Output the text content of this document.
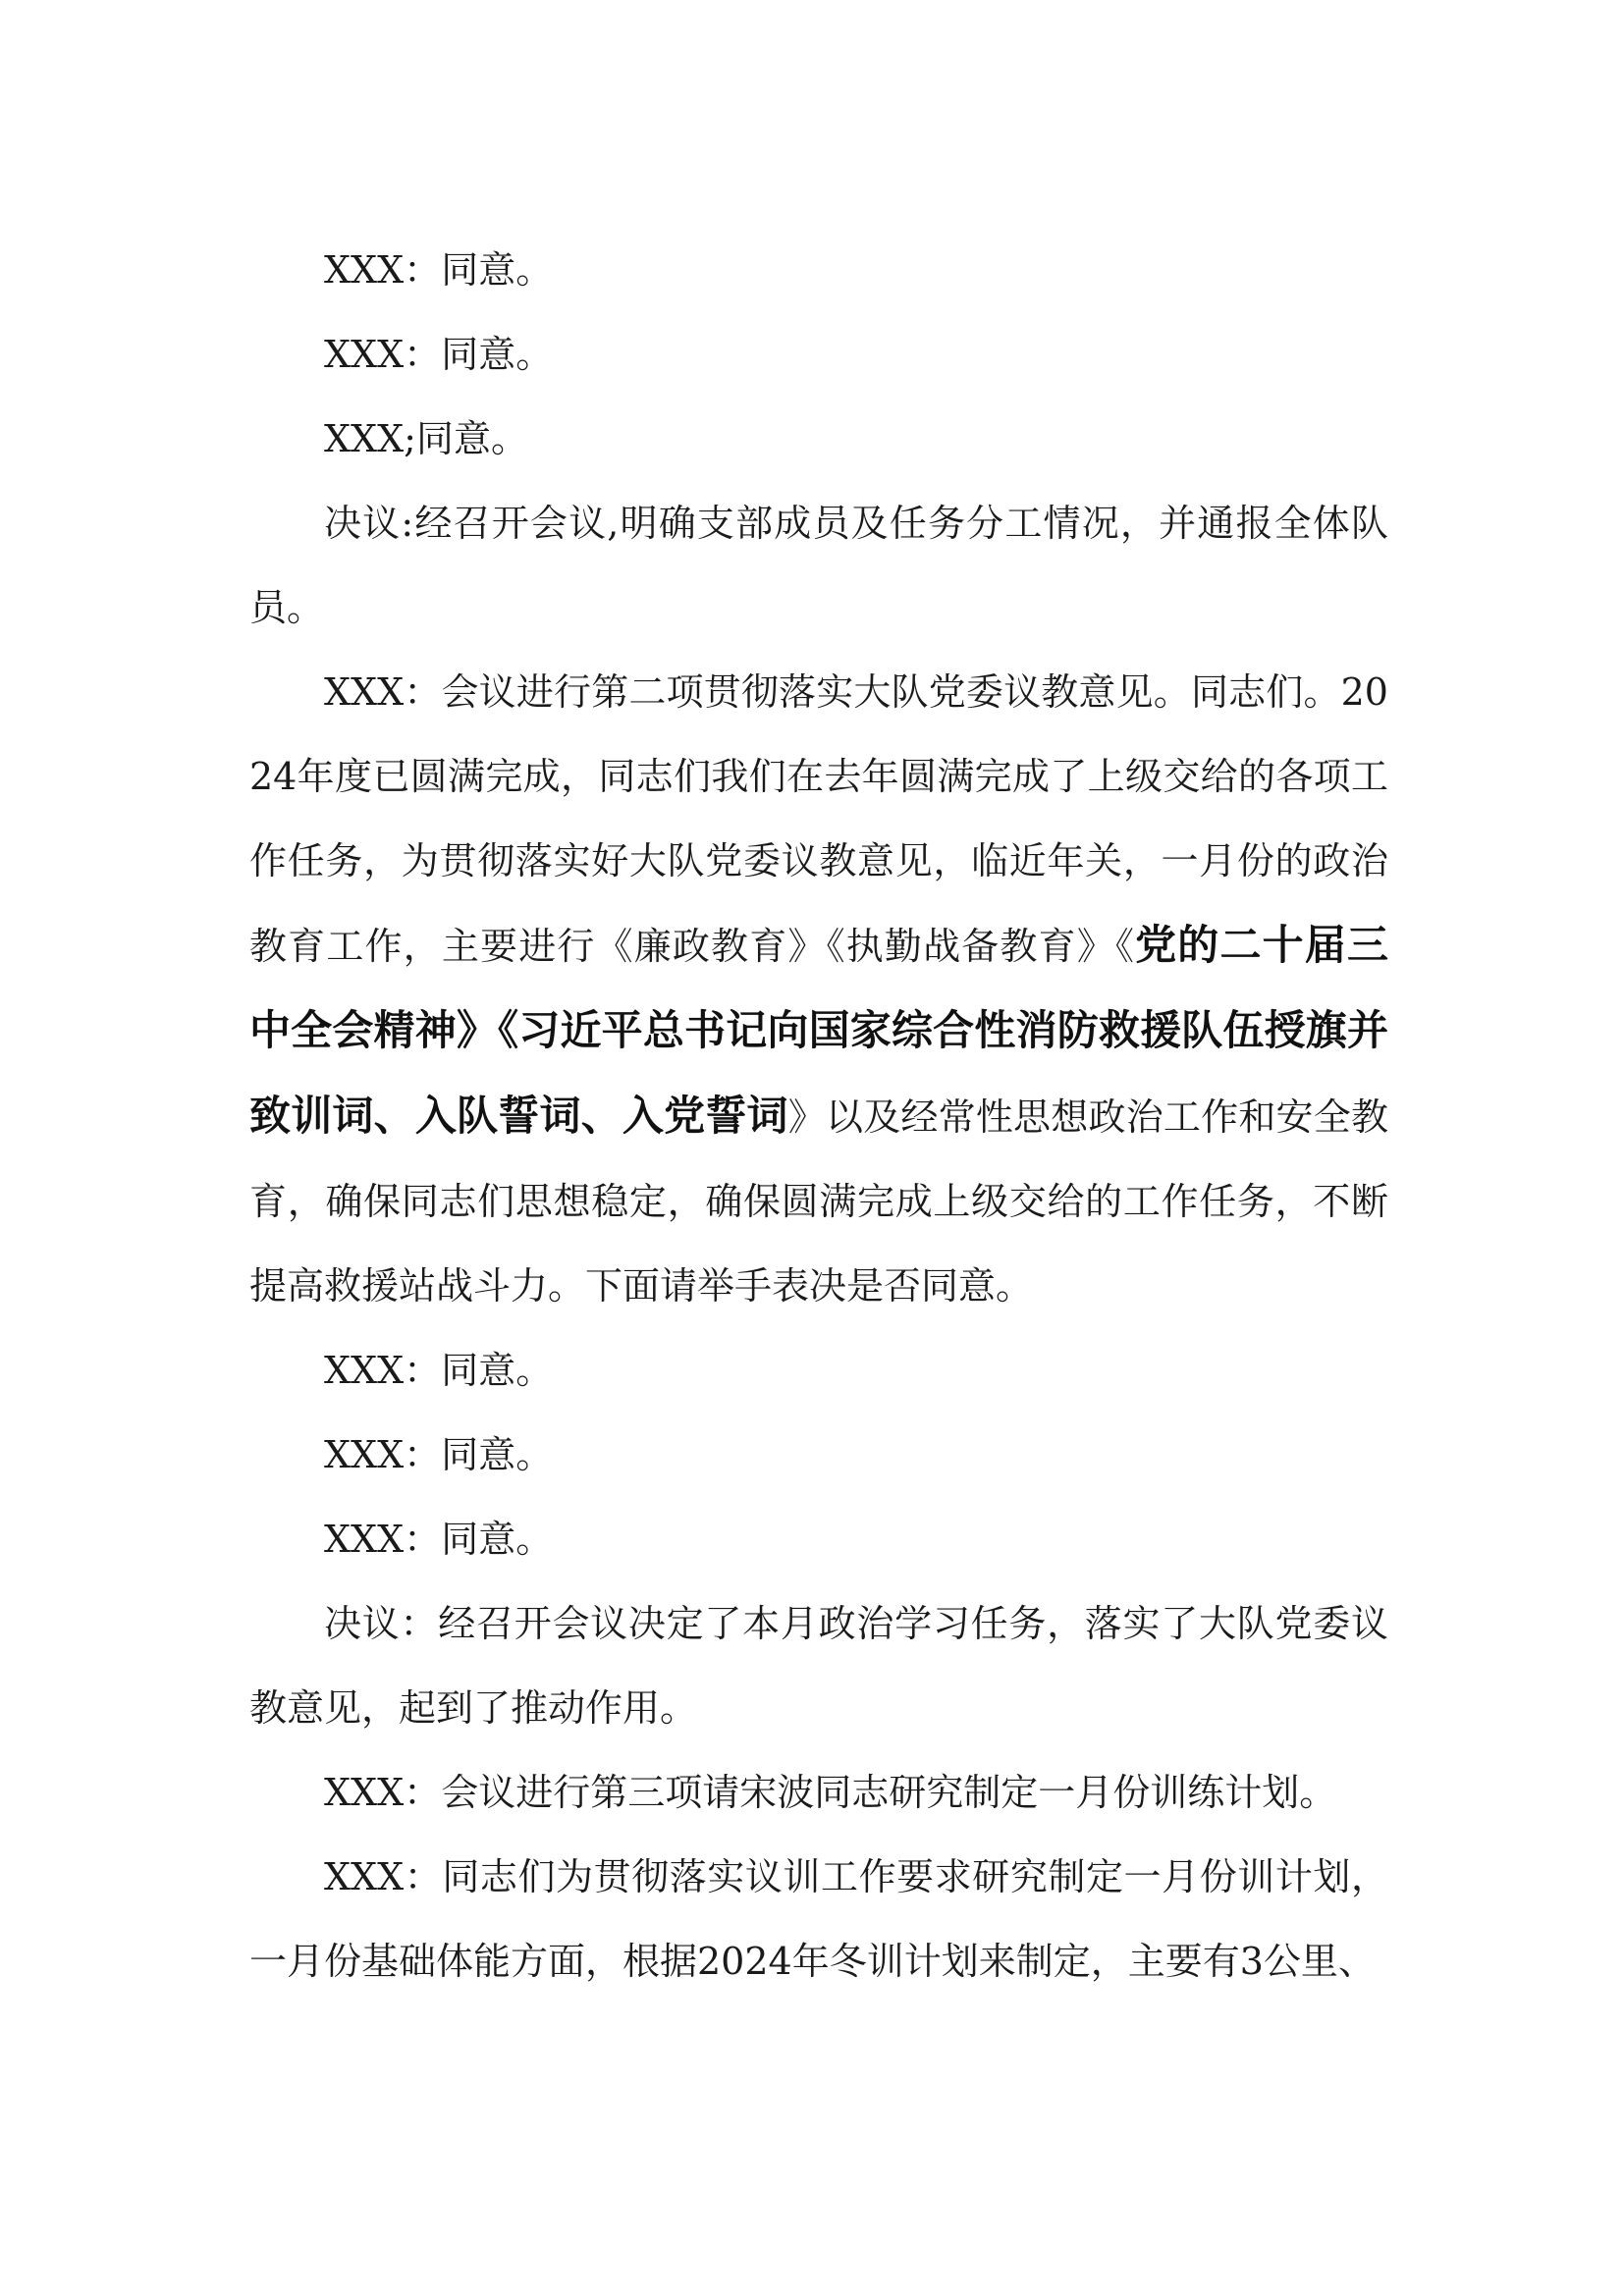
XXX：同意。

XXX：同意。

XXX;同意。

决议:经召开会议,明确支部成员及任务分工情况，并通报全体队员。

XXX：会议进行第二项贯彻落实大队党委议教意见。同志们。2024年度已圆满完成，同志们我们在去年圆满完成了上级交给的各项工作任务，为贯彻落实好大队党委议教意见，临近年关，一月份的政治教育工作，主要进行《廉政教育》《执勤战备教育》《党的二十届三中全会精神》《习近平总书记向国家综合性消防救援队伍授旗并致训词、入队誓词、入党誓词》以及经常性思想政治工作和安全教育，确保同志们思想稳定，确保圆满完成上级交给的工作任务，不断提高救援站战斗力。下面请举手表决是否同意。

XXX：同意。

XXX：同意。

XXX：同意。

决议：经召开会议决定了本月政治学习任务，落实了大队党委议教意见，起到了推动作用。

XXX：会议进行第三项请宋波同志研究制定一月份训练计划。

XXX：同志们为贯彻落实议训工作要求研究制定一月份训计划，一月份基础体能方面，根据2024年冬训计划来制定，主要有3公里、
